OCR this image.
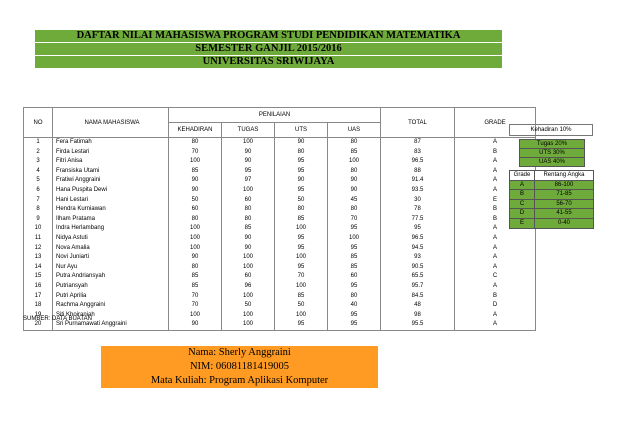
DAFTAR NILAI MAHASISWA PROGRAM STUDI PENDIDIKAN MATEMATIKA
SEMESTER GANJIL 2015/2016
UNIVERSITAS SRIWIJAYA
NO	NAMA MAHASISWA	PENILAIAN				TOTAL	GRADE
		KEHADIRAN	TUGAS	UTS	UAS		
1	Fera Fatimah	80	100	90	80	87	A
2	Firda Lestari	70	90	80	85	83	B
3	Fitri Anisa	100	90	95	100	96.5	A
4	Fransiska Utami	85	95	95	80	88	A
5	Fratiwi Anggraini	90	97	90	90	91.4	A
6	Hana Puspita Dewi	90	100	95	90	93.5	A
7	Hani Lestari	50	60	50	45	30	E
8	Hendra Kurniawan	60	80	80	80	78	B
9	Ilham Pratama	80	80	85	70	77.5	B
10	Indra Herlambang	100	85	100	95	95	A
11	Nidya Astuti	100	90	95	100	96.5	A
12	Nova Amalia	100	90	95	95	94.5	A
13	Novi Juniarti	90	100	100	85	93	A
14	Nur Ayu	80	100	95	85	90.5	A
15	Putra Andriansyah	85	60	70	60	65.5	C
16	Putriansyah	85	96	100	95	95.7	A
17	Putri Aprilia	70	100	85	80	84.5	B
18	Rachma Anggraini	70	50	50	40	48	D
19	Siti Khoiraniah	100	100	100	95	98	A
20	Sri Purnamawati Anggraini	90	100	95	95	95.5	A
Kehadiran 10%
Tugas 20%
UTS 30%
UAS 40%
Grade	Rentang Angka
A	86-100
B	71-85
C	56-70
D	41-55
E	0-40
SUMBER: DATA BUATAN
Nama: Sherly Anggraini
NIM: 06081181419005
Mata Kuliah: Program Aplikasi Komputer
